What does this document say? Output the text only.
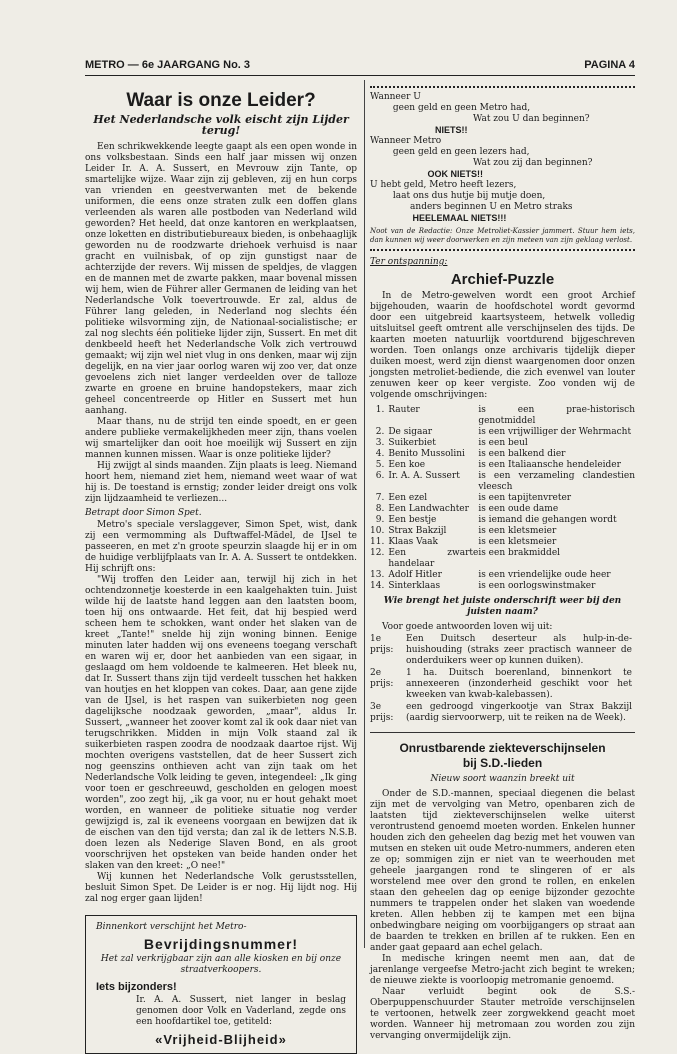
METRO — 6e JAARGANG No. 3	PAGINA 4
Waar is onze Leider?
Het Nederlandsche volk eischt zijn Lijder terug!

Een schrikwekkende leegte gaapt als een open wonde in ons volksbestaan. Sinds een half jaar missen wij onzen Leider Ir. A. A. Sussert, en Mevrouw zijn Tante, op smartelijke wijze. Waar zijn zij gebleven, zij en hun corps van vrienden en geestverwanten met de bekende uniformen, die eens onze straten zulk een doffen glans verleenden als waren alle postboden van Nederland wild geworden? Het heeld, dat onze kantoren en werkplaatsen, onze loketten en distributiebureaux bieden, is onbehaaglijk geworden nu de roodzwarte driehoek verhuisd is naar gracht en vuilnisbak, of op zijn gunstigst naar de achterzijde der revers. Wij missen de speldjes, de vlaggen en de mannen met de zwarte pakken, maar bovenal missen wij hem, wien de Führer aller Germanen de leiding van het Nederlandsche Volk toevertrouwde. Er zal, aldus de Führer lang geleden, in Nederland nog slechts één politieke wilsvorming zijn, de Nationaal-socialistische; er zal nog slechts één politieke lijder zijn, Sussert. En met dit denkbeeld heeft het Nederlandsche Volk zich vertrouwd gemaakt; wij zijn wel niet vlug in ons denken, maar wij zijn degelijk, en na vier jaar oorlog waren wij zoo ver, dat onze gevoelens zich niet langer verdeelden over de talloze zwarte en groene en bruine handopstekers, maar zich geheel concentreerde op Hitler en Sussert met hun aanhang.

Maar thans, nu de strijd ten einde spoedt, en er geen andere publieke vermakelijkheden meer zijn, thans voelen wij smartelijker dan ooit hoe moeilijk wij Sussert en zijn mannen kunnen missen. Waar is onze politieke lijder?

Hij zwijgt al sinds maanden. Zijn plaats is leeg. Niemand hoort hem, niemand ziet hem, niemand weet waar of wat hij is. De toestand is ernstig; zonder leider dreigt ons volk zijn lijdzaamheid te verliezen...

Betrapt door Simon Spet.

Metro's speciale verslaggever, Simon Spet, wist, dank zij een vermomming als Duftwaffel-Mädel, de IJsel te passeeren, en met z'n groote speurzin slaagde hij er in om de huidige verblijfplaats van Ir. A. A. Sussert te ontdekken. Hij schrijft ons:

"Wij troffen den Leider aan, terwijl hij zich in het ochtendzonnetje koesterde in een kaalgehakten tuin. Juist wilde hij de laatste hand leggen aan den laatsten boom, toen hij ons ontwaarde. Het feit, dat hij bespied werd scheen hem te schokken, want onder het slaken van de kreet „Tante!" snelde hij zijn woning binnen. Eenige minuten later hadden wij ons eveneens toegang verschaft en waren wij er, door het aanbieden van een sigaar, in geslaagd om hem voldoende te kalmeeren. Het bleek nu, dat Ir. Sussert thans zijn tijd verdeelt tusschen het hakken van houtjes en het kloppen van cokes. Daar, aan gene zijde van de IJsel, is het raspen van suikerbieten nog geen dagelijksche noodzaak geworden, „maar", aldus Ir. Sussert, „wanneer het zoover komt zal ik ook daar niet van terugschrikken. Midden in mijn Volk staand zal ik suikerbieten raspen zoodra de noodzaak daartoe rijst. Wij mochten overigens vaststellen, dat de heer Sussert zich nog geenszins onthieven acht van zijn taak om het Nederlandsche Volk leiding te geven, integendeel: „Ik ging voor toen er geschreeuwd, gescholden en gelogen moest worden", zoo zegt hij, „ik ga voor, nu er hout gehakt moet worden, en wanneer de politieke situatie nog verder gewijzigd is, zal ik eveneens voorgaan en bewijzen dat ik de eischen van den tijd versta; dan zal ik de letters N.S.B. doen lezen als Nederige Slaven Bond, en als groot voorschrijven het opsteken van beide handen onder het slaken van den kreet: „O nee!"

Wij kunnen het Nederlandsche Volk gerustsstellen, besluit Simon Spet. De Leider is er nog. Hij lijdt nog. Hij zal nog erger gaan lijden!

Binnenkort verschijnt het Metro-

Bevrijdingsnummer!

Het zal verkrijgbaar zijn aan alle kiosken en bij onze straatverkoopers.

Iets bijzonders!

Ir. A. A. Sussert, niet langer in beslag genomen door Volk en Vaderland, zegde ons een hoofdartikel toe, getiteld:

«Vrijheid-Blijheid»

Wanneer U
geen geld en geen Metro had,
Wat zou U dan beginnen?
NIETS!!
Wanneer Metro
geen geld en geen lezers had,
Wat zou zij dan beginnen?
OOK NIETS!!
U hebt geld, Metro heeft lezers,
laat ons dus hutje bij mutje doen,
anders beginnen U en Metro straks
HEELEMAAL NIETS!!!
Noot van de Redactie: Onze Metroliet-Kassier jammert. Stuur hem iets, dan kunnen wij weer doorwerken en zijn meteen van zijn geklaag verlost.
Ter ontspanning:
Archief-Puzzle

In de Metro-gewelven wordt een groot Archief bijgehouden, waarin de hoofdschotel wordt gevormd door een uitgebreid kaartsysteem, hetwelk volledig uitsluitsel geeft omtrent alle verschijnselen des tijds. De kaarten moeten natuurlijk voortdurend bijgeschreven worden. Toen onlangs onze archivaris tijdelijk dieper duiken moest, werd zijn dienst waargenomen door onzen jongsten metroliet-bediende, die zich evenwel van louter zenuwen keer op keer vergiste. Zoo vonden wij de volgende omschrijvingen:

1.	Rauter	is een prae-historisch genotmiddel
2.	De sigaar	is een vrijwilliger der Wehrmacht
3.	Suikerbiet	is een beul
4.	Benito Mussolini	is een balkend dier
5.	Een koe	is een Italiaansche hendeleider
6.	Ir. A. A. Sussert	is een verzameling clandestien vleesch
7.	Een ezel	is een tapijtenvreter
8.	Een Landwachter	is een oude dame
9.	Een bestje	is iemand die gehangen wordt
10.	Strax Bakzijl	is een kletsmeier
11.	Klaas Vaak	is een kletsmeier
12.	Een zwarte handelaar	is een brakmiddel
13.	Adolf Hitler	is een vriendelijke oude heer
14.	Sinterklaas	is een oorlogswinstmaker
Wie brengt het juiste onderschrift weer bij den juisten naam?

Voor goede antwoorden loven wij uit:

1e prijs:Een Duitsch deserteur als hulp-in-de-huishouding (straks zeer practisch wanneer de onderduikers weer op kunnen duiken).
2e prijs:1 ha. Duitsch boerenland, binnenkort te annexeeren (inzonderheid geschikt voor het kweeken van kwab-kalebassen).
3e prijs:een gedroogd vingerkootje van Strax Bakzijl (aardig siervoorwerp, uit te reiken na de Week).
Onrustbarende ziekteverschijnselen
bij S.D.-lieden
Nieuw soort waanzin breekt uit

Onder de S.D.-mannen, speciaal diegenen die belast zijn met de vervolging van Metro, openbaren zich de laatsten tijd ziekteverschijnselen welke uiterst verontrustend genoemd moeten worden. Enkelen hunner houden zich den geheelen dag bezig met het vouwen van mutsen en steken uit oude Metro-nummers, anderen eten ze op; sommigen zijn er niet van te weerhouden met geheele jaargangen rond te slingeren of er als worstelend mee over den grond te rollen, en enkelen staan den geheelen dag op eenige bijzonder gezochte nummers te trappelen onder het slaken van woedende kreten. Allen hebben zij te kampen met een bijna onbedwingbare neiging om voorbijgangers op straat aan de baarden te trekken en brillen af te rukken. Een en ander gaat gepaard aan echel gelach.

In medische kringen neemt men aan, dat de jarenlange vergeefse Metro-jacht zich begint te wreken; de nieuwe ziekte is voorloopig metromanie genoemd.

Naar verluidt begint ook de S.S.-Oberpuppenschuurder Stauter metroïde verschijnselen te vertoonen, hetwelk zeer zorgwekkend geacht moet worden. Wanneer hij metromaan zou worden zou zijn vervanging onvermijdelijk zijn.
